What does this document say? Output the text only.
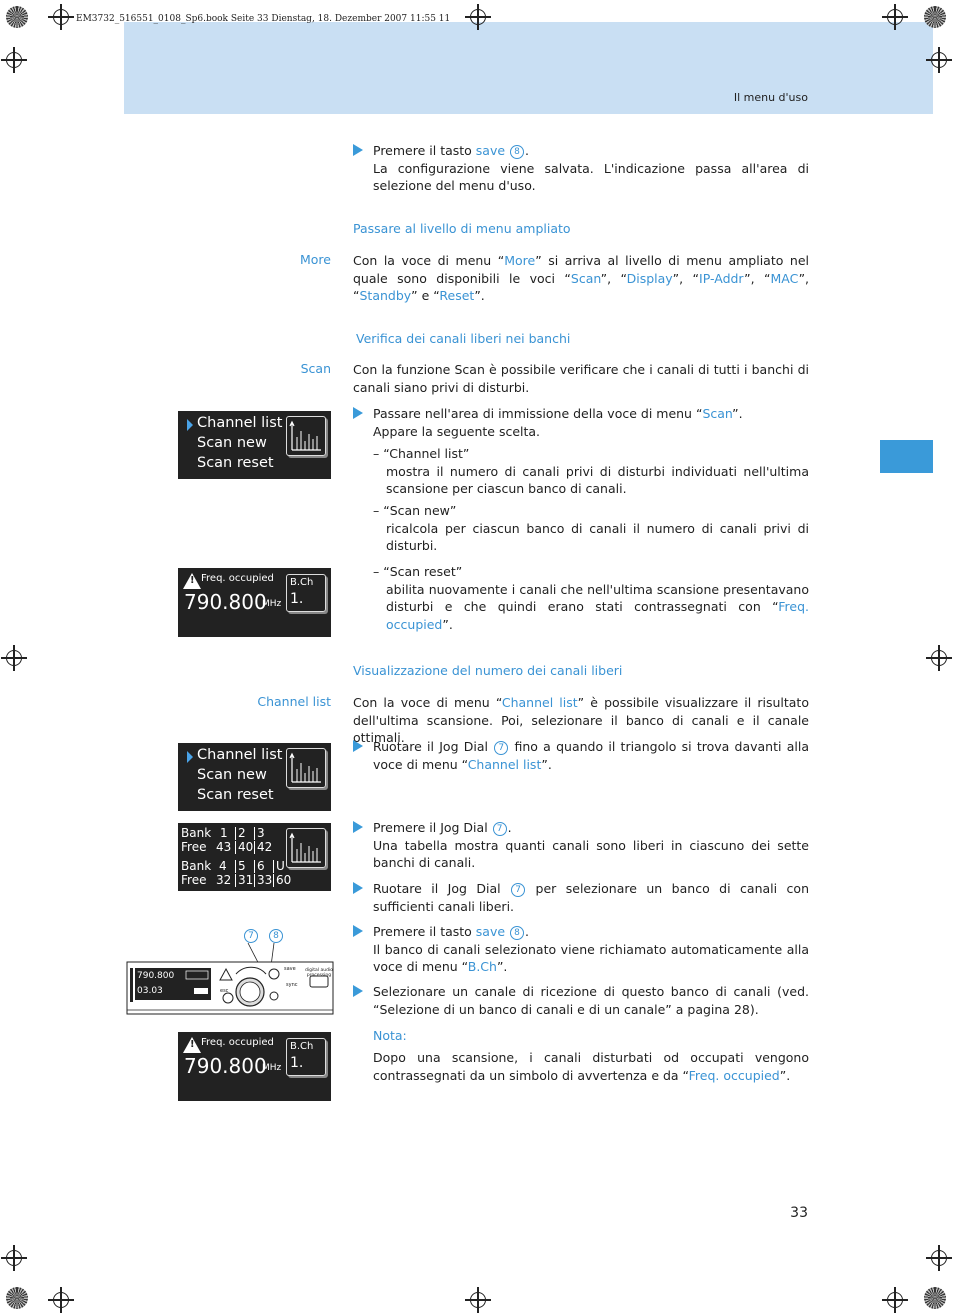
EM3732_516551_0108_Sp6.book Seite 33 Dienstag, 18. Dezember 2007 11:55 11
Il menu d'uso
33
Premere il tasto save 8 .
La configurazione viene salvata. L'indicazione passa all'area di selezione del menu d'uso.
Passare al livello di menu ampliato
More Con la voce di menu “More” si arriva al livello di menu ampliato nel quale sono disponibili le voci “Scan”, “Display”, “IP-Addr”, “MAC”, “Standby” e “Reset”.
Verifica dei canali liberi nei banchi
Scan Con la funzione Scan è possibile verificare che i canali di tutti i banchi di canali siano privi di disturbi.
Passare nell'area di immissione della voce di menu “Scan”.
Appare la seguente scelta.
– “Channel list”
mostra il numero di canali privi di disturbi individuati nell'ultima scansione per ciascun banco di canali.
– “Scan new”
ricalcola per ciascun banco di canali il numero di canali privi di disturbi.
– “Scan reset”
abilita nuovamente i canali che nell'ultima scansione presentavano disturbi e che quindi erano stati contrassegnati con “Freq. occupied”.
Channel list
Scan new
Scan reset
! Freq. occupied
790.800
MHz
B.Ch
1.
Visualizzazione del numero dei canali liberi
Channel list Con la voce di menu “Channel list” è possibile visualizzare il risultato dell'ultima scansione. Poi, selezionare il banco di canali e il canale ottimali.
Ruotare il Jog Dial 7 fino a quando il triangolo si trova davanti alla voce di menu “Channel list”.
Premere il Jog Dial 7 .
Una tabella mostra quanti canali sono liberi in ciascuno dei sette banchi di canali.
Ruotare il Jog Dial 7 per selezionare un banco di canali con sufficienti canali liberi.
Premere il tasto save 8 .
Il banco di canali selezionato viene richiamato automaticamente alla voce di menu “B.Ch”.
Selezionare un canale di ricezione di questo banco di canali (ved. “Selezione di un banco di canali e di un canale” a pagina 28).
Nota:
Dopo una scansione, i canali disturbati od occupati vengono contrassegnati da un simbolo di avvertenza e da “Freq. occupied”.
Channel list
Scan new
Scan reset
Bank
Free
1 2 3
43 40 42
Bank
Free
4 5 6 U
32 31 33 60
7	8
790.800
03.03
save
esc
sync
digital audio processing
! Freq. occupied
790.800
MHz
B.Ch
1.
